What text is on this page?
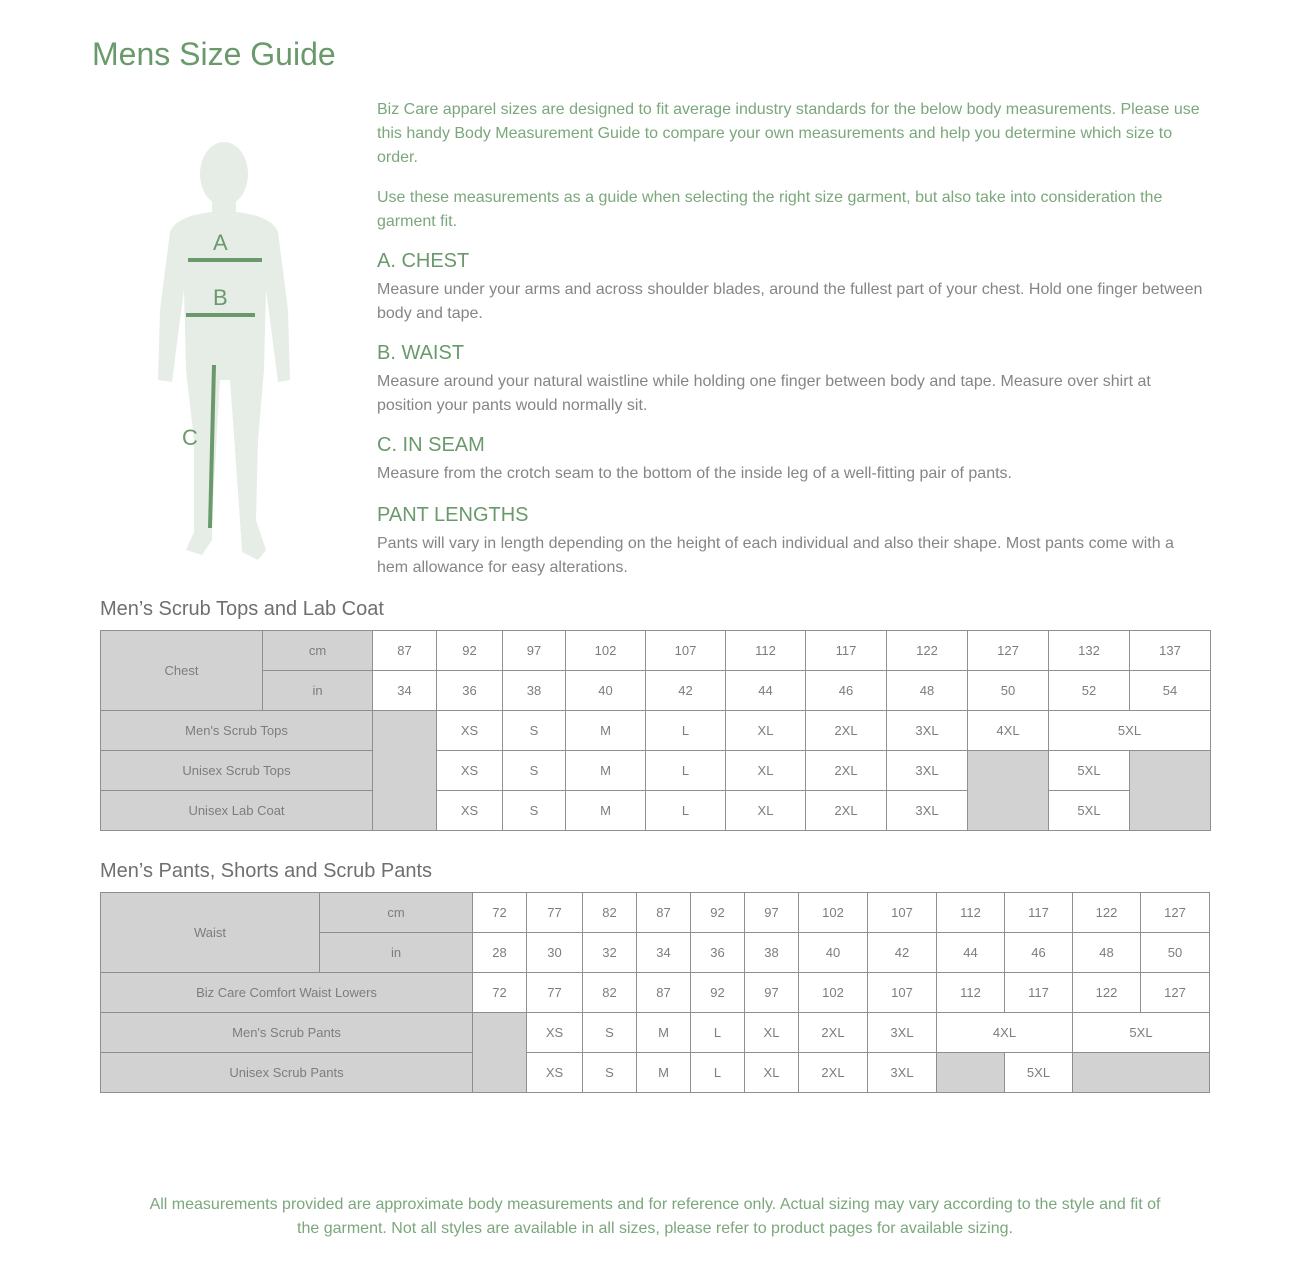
Mens Size Guide
A
B
C

Biz Care apparel sizes are designed to fit average industry standards for the below body measurements. Please use this handy Body Measurement Guide to compare your own measurements and help you determine which size to order.

Use these measurements as a guide when selecting the right size garment, but also take into consideration the garment fit.

A. CHEST

Measure under your arms and across shoulder blades, around the fullest part of your chest. Hold one finger between body and tape.

B. WAIST

Measure around your natural waistline while holding one finger between body and tape. Measure over shirt at position your pants would normally sit.

C. IN SEAM

Measure from the crotch seam to the bottom of the inside leg of a well-fitting pair of pants.

PANT LENGTHS

Pants will vary in length depending on the height of each individual and also their shape. Most pants come with a hem allowance for easy alterations.

Men’s Scrub Tops and Lab Coat
Chest	cm	87	92	97	102	107	112	117	122	127	132	137
	in	34	36	38	40	42	44	46	48	50	52	54
Men's Scrub Tops			XS	S	M	L	XL	2XL	3XL	4XL	5XL	
Unisex Scrub Tops			XS	S	M	L	XL	2XL	3XL		5XL	
Unisex Lab Coat			XS	S	M	L	XL	2XL	3XL		5XL	
Men’s Pants, Shorts and Scrub Pants
Waist	cm	72	77	82	87	92	97	102	107	112	117	122	127
	in	28	30	32	34	36	38	40	42	44	46	48	50
Biz Care Comfort Waist Lowers		72	77	82	87	92	97	102	107	112	117	122	127
Men's Scrub Pants			XS	S	M	L	XL	2XL	3XL	4XL		5XL	
Unisex Scrub Pants			XS	S	M	L	XL	2XL	3XL		5XL		

All measurements provided are approximate body measurements and for reference only. Actual sizing may vary according to the style and fit of the garment. Not all styles are available in all sizes, please refer to product pages for available sizing.
